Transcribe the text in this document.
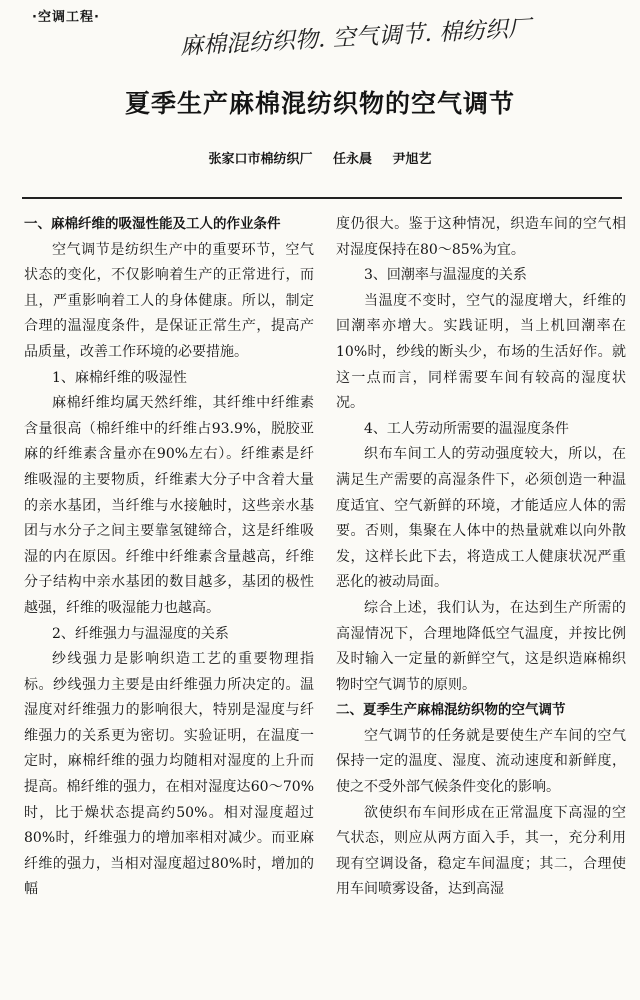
·空调工程·	麻棉混纺织物. 空气调节. 棉纺织厂
夏季生产麻棉混纺织物的空气调节
张家口市棉纺织厂 任永晨 尹旭艺

一、麻棉纤维的吸湿性能及工人的作业条件

空气调节是纺织生产中的重要环节，空气状态的变化，不仅影响着生产的正常进行，而且，严重影响着工人的身体健康。所以，制定合理的温湿度条件，是保证正常生产，提高产品质量，改善工作环境的必要措施。

1、麻棉纤维的吸湿性

麻棉纤维均属天然纤维，其纤维中纤维素含量很高（棉纤维中的纤维占93.9%，脱胶亚麻的纤维素含量亦在90%左右）。纤维素是纤维吸湿的主要物质，纤维素大分子中含着大量的亲水基团，当纤维与水接触时，这些亲水基团与水分子之间主要靠氢键缔合，这是纤维吸湿的内在原因。纤维中纤维素含量越高，纤维分子结构中亲水基团的数目越多，基团的极性越强，纤维的吸湿能力也越高。

2、纤维强力与温湿度的关系

纱线强力是影响织造工艺的重要物理指标。纱线强力主要是由纤维强力所决定的。温湿度对纤维强力的影响很大，特别是湿度与纤维强力的关系更为密切。实验证明，在温度一定时，麻棉纤维的强力均随相对湿度的上升而提高。棉纤维的强力，在相对湿度达60～70%时，比于燥状态提高约50%。相对湿度超过80%时，纤维强力的增加率相对减少。而亚麻纤维的强力，当相对湿度超过80%时，增加的幅

度仍很大。鉴于这种情况，织造车间的空气相对湿度保持在80～85%为宜。

3、回潮率与温湿度的关系

当温度不变时，空气的湿度增大，纤维的回潮率亦增大。实践证明，当上机回潮率在10%时，纱线的断头少，布场的生活好作。就这一点而言，同样需要车间有较高的湿度状况。

4、工人劳动所需要的温湿度条件

织布车间工人的劳动强度较大，所以，在满足生产需要的高湿条件下，必须创造一种温度适宜、空气新鲜的环境，才能适应人体的需要。否则，集聚在人体中的热量就难以向外散发，这样长此下去，将造成工人健康状况严重恶化的被动局面。

综合上述，我们认为，在达到生产所需的高湿情况下，合理地降低空气温度，并按比例及时输入一定量的新鲜空气，这是织造麻棉织物时空气调节的原则。

二、夏季生产麻棉混纺织物的空气调节

空气调节的任务就是要使生产车间的空气保持一定的温度、湿度、流动速度和新鲜度，使之不受外部气候条件变化的影响。

欲使织布车间形成在正常温度下高湿的空气状态，则应从两方面入手，其一，充分利用现有空调设备，稳定车间温度；其二，合理使用车间喷雾设备，达到高湿
